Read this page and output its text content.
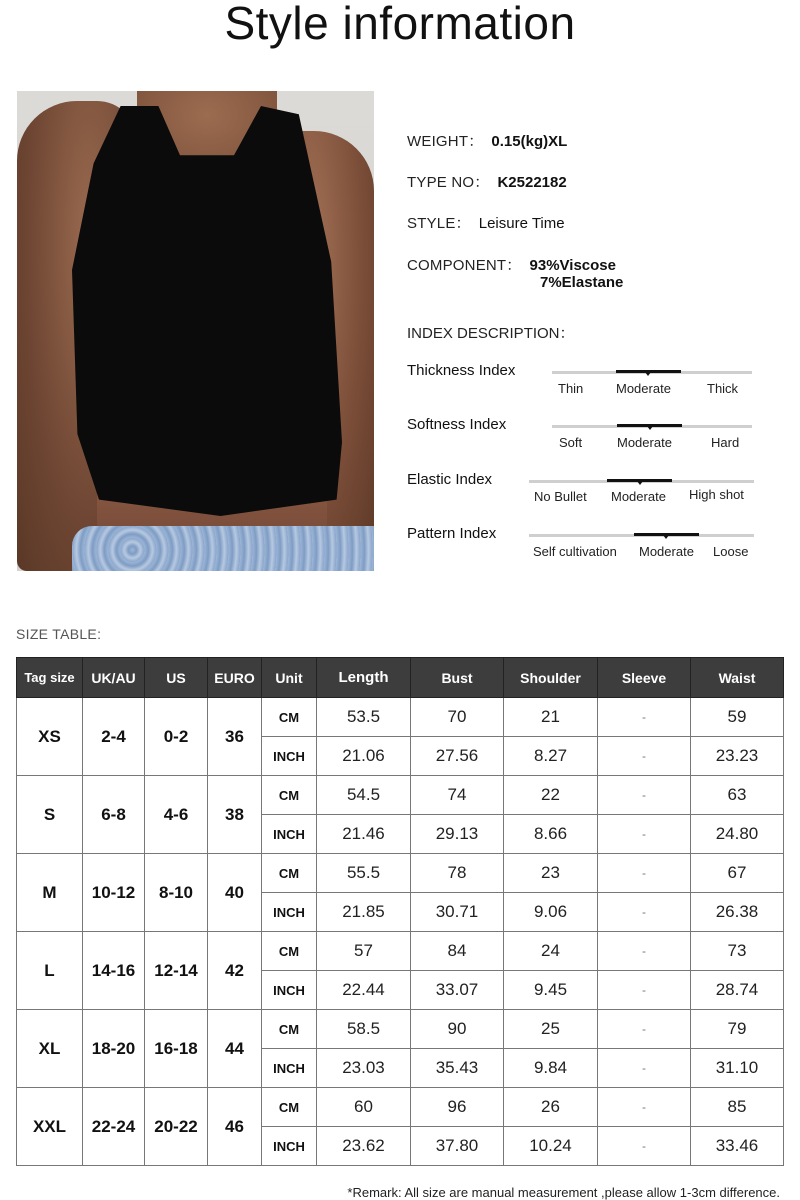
Style information
WEIGHT： 0.15(kg)XL
TYPE NO： K2522182
STYLE： Leisure Time
COMPONENT： 93%Viscose
7%Elastane
INDEX DESCRIPTION：
Thickness Index
Thin	Moderate	Thick
Softness Index
Soft	Moderate	Hard
Elastic Index
No Bullet Moderate High shot
Pattern Index
Self cultivation Moderate Loose
SIZE TABLE:
Tag size	UK/AU	US	EURO	Unit	Length	Bust	Shoulder	Sleeve	Waist
XS	2-4	0-2	36	CM	53.5	70	21	-	59
				INCH	21.06	27.56	8.27	-	23.23
S	6-8	4-6	38	CM	54.5	74	22	-	63
				INCH	21.46	29.13	8.66	-	24.80
M	10-12	8-10	40	CM	55.5	78	23	-	67
				INCH	21.85	30.71	9.06	-	26.38
L	14-16	12-14	42	CM	57	84	24	-	73
				INCH	22.44	33.07	9.45	-	28.74
XL	18-20	16-18	44	CM	58.5	90	25	-	79
				INCH	23.03	35.43	9.84	-	31.10
XXL	22-24	20-22	46	CM	60	96	26	-	85
				INCH	23.62	37.80	10.24	-	33.46
*Remark: All size are manual measurement ,please allow 1-3cm difference.
